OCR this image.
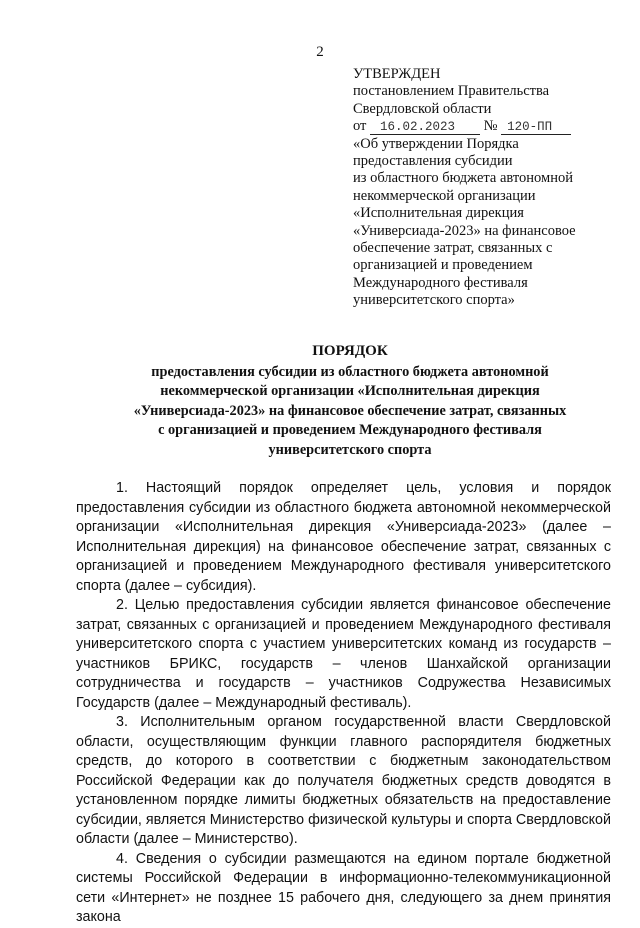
2
УТВЕРЖДЕН
постановлением Правительства
Свердловской области
от 16.02.2023 № 120-ПП
«Об утверждении Порядка
предоставления субсидии
из областного бюджета автономной
некоммерческой организации
«Исполнительная дирекция
«Универсиада-2023» на финансовое
обеспечение затрат, связанных с
организацией и проведением
Международного фестиваля
университетского спорта»
ПОРЯДОК
предоставления субсидии из областного бюджета автономной
некоммерческой организации «Исполнительная дирекция
«Универсиада-2023» на финансовое обеспечение затрат, связанных
с организацией и проведением Международного фестиваля
университетского спорта

1. Настоящий порядок определяет цель, условия и порядок предоставления субсидии из областного бюджета автономной некоммерческой организации «Исполнительная дирекция «Универсиада-2023» (далее – Исполнительная дирекция) на финансовое обеспечение затрат, связанных с организацией и проведением Международного фестиваля университетского спорта (далее – субсидия).

2. Целью предоставления субсидии является финансовое обеспечение затрат, связанных с организацией и проведением Международного фестиваля университетского спорта с участием университетских команд из государств – участников БРИКС, государств – членов Шанхайской организации сотрудничества и государств – участников Содружества Независимых Государств (далее – Международный фестиваль).

3. Исполнительным органом государственной власти Свердловской области, осуществляющим функции главного распорядителя бюджетных средств, до которого в соответствии с бюджетным законодательством Российской Федерации как до получателя бюджетных средств доводятся в установленном порядке лимиты бюджетных обязательств на предоставление субсидии, является Министерство физической культуры и спорта Свердловской области (далее – Министерство).

4. Сведения о субсидии размещаются на едином портале бюджетной системы Российской Федерации в информационно-телекоммуникационной сети «Интернет» не позднее 15 рабочего дня, следующего за днем принятия закона
